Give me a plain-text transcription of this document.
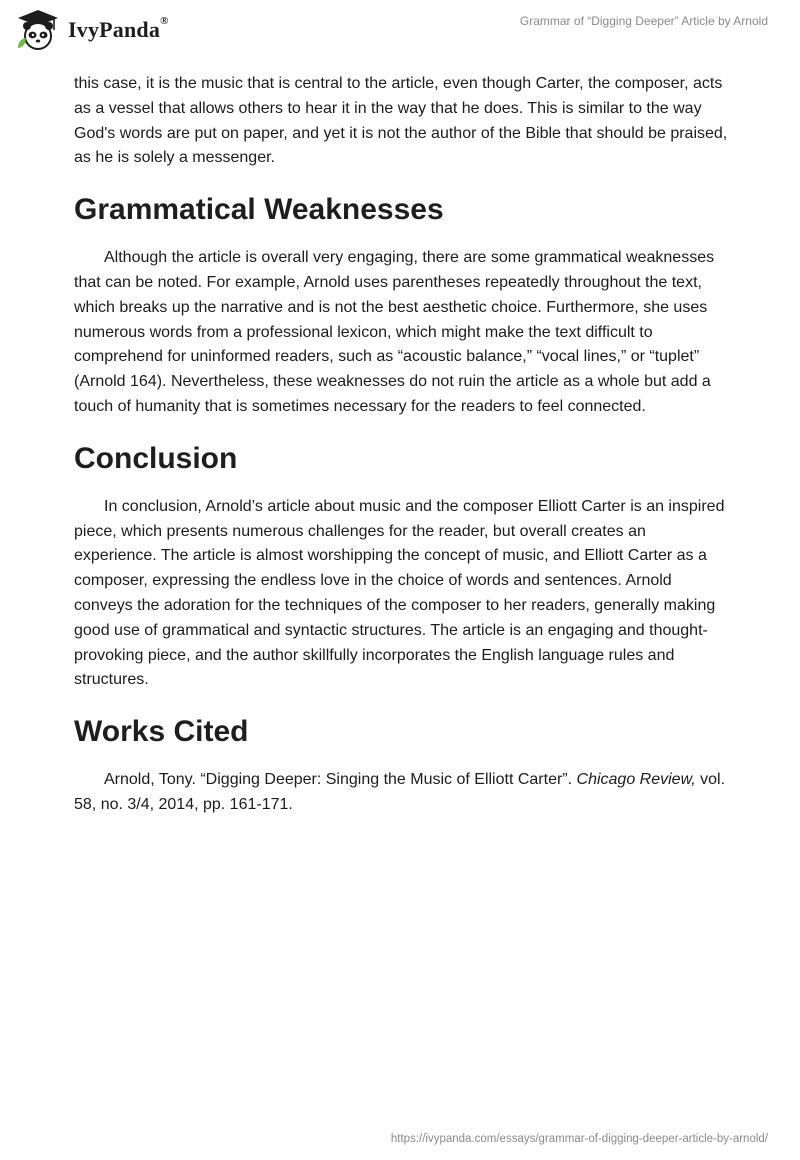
IvyPanda®	Grammar of “Digging Deeper” Article by Arnold

this case, it is the music that is central to the article, even though Carter, the composer, acts as a vessel that allows others to hear it in the way that he does. This is similar to the way God's words are put on paper, and yet it is not the author of the Bible that should be praised, as he is solely a messenger.

Grammatical Weaknesses

Although the article is overall very engaging, there are some grammatical weaknesses that can be noted. For example, Arnold uses parentheses repeatedly throughout the text, which breaks up the narrative and is not the best aesthetic choice. Furthermore, she uses numerous words from a professional lexicon, which might make the text difficult to comprehend for uninformed readers, such as “acoustic balance,” “vocal lines,” or “tuplet” (Arnold 164). Nevertheless, these weaknesses do not ruin the article as a whole but add a touch of humanity that is sometimes necessary for the readers to feel connected.

Conclusion

In conclusion, Arnold’s article about music and the composer Elliott Carter is an inspired piece, which presents numerous challenges for the reader, but overall creates an experience. The article is almost worshipping the concept of music, and Elliott Carter as a composer, expressing the endless love in the choice of words and sentences. Arnold conveys the adoration for the techniques of the composer to her readers, generally making good use of grammatical and syntactic structures. The article is an engaging and thought-provoking piece, and the author skillfully incorporates the English language rules and structures.

Works Cited

Arnold, Tony. “Digging Deeper: Singing the Music of Elliott Carter”. Chicago Review, vol. 58, no. 3/4, 2014, pp. 161-171.

https://ivypanda.com/essays/grammar-of-digging-deeper-article-by-arnold/
